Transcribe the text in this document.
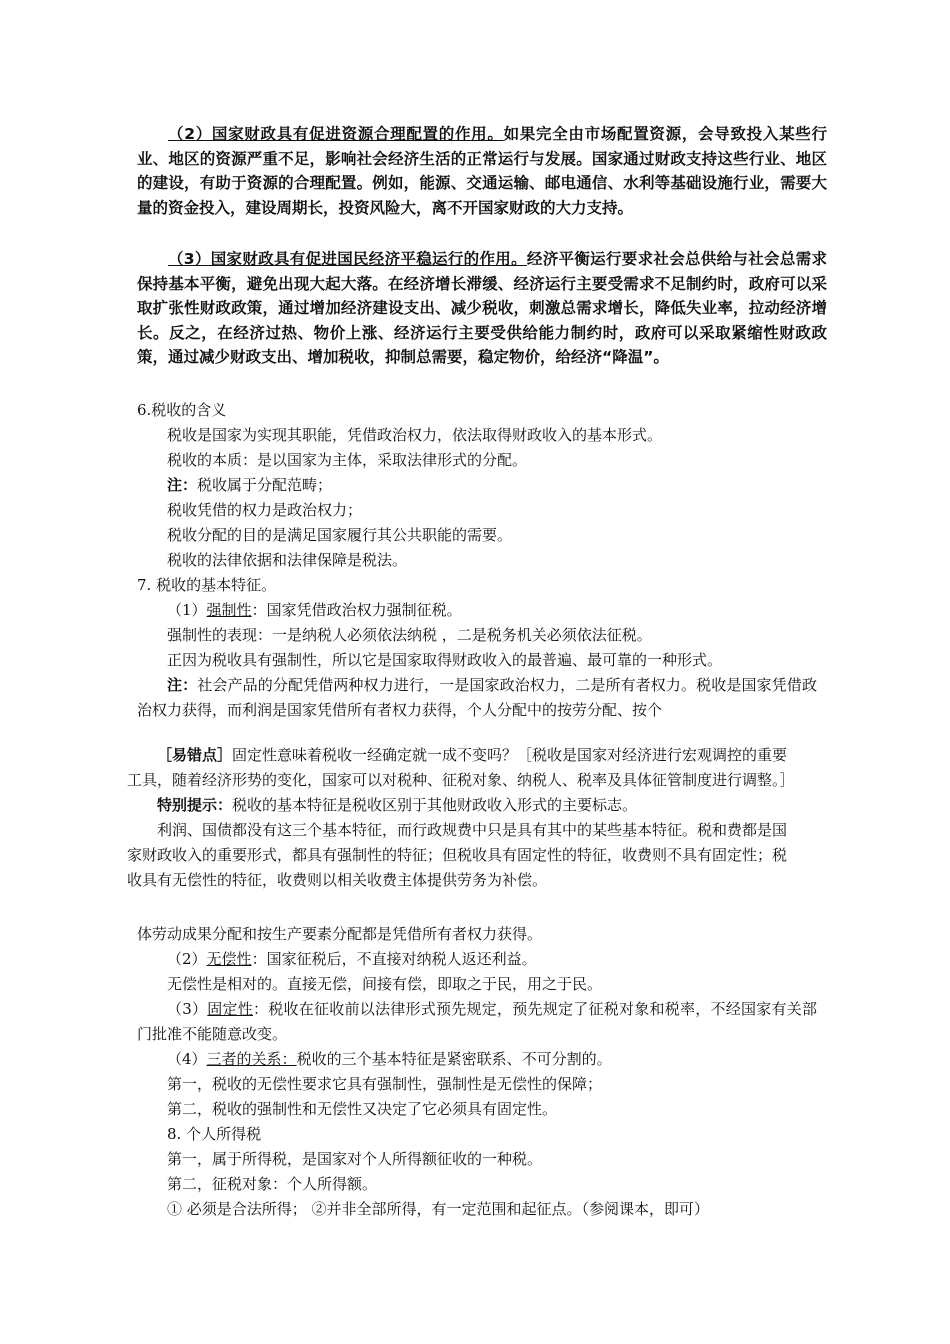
（2）国家财政具有促进资源合理配置的作用。如果完全由市场配置资源，会导致投入某些行业、地区的资源严重不足，影响社会经济生活的正常运行与发展。国家通过财政支持这些行业、地区的建设，有助于资源的合理配置。例如，能源、交通运输、邮电通信、水利等基础设施行业，需要大量的资金投入，建设周期长，投资风险大，离不开国家财政的大力支持。

（3）国家财政具有促进国民经济平稳运行的作用。经济平衡运行要求社会总供给与社会总需求保持基本平衡，避免出现大起大落。在经济增长滞缓、经济运行主要受需求不足制约时，政府可以采取扩张性财政政策，通过增加经济建设支出、减少税收，刺激总需求增长，降低失业率，拉动经济增长。反之，在经济过热、物价上涨、经济运行主要受供给能力制约时，政府可以采取紧缩性财政政策，通过减少财政支出、增加税收，抑制总需要，稳定物价，给经济“降温”。

6.税收的含义
税收是国家为实现其职能，凭借政治权力，依法取得财政收入的基本形式。
税收的本质：是以国家为主体，采取法律形式的分配。
注：税收属于分配范畴；
税收凭借的权力是政治权力；
税收分配的目的是满足国家履行其公共职能的需要。
税收的法律依据和法律保障是税法。
7. 税收的基本特征。
（1）强制性：国家凭借政治权力强制征税。
强制性的表现：一是纳税人必须依法纳税 ，二是税务机关必须依法征税。
正因为税收具有强制性，所以它是国家取得财政收入的最普遍、最可靠的一种形式。

注：社会产品的分配凭借两种权力进行，一是国家政治权力，二是所有者权力。税收是国家凭借政治权力获得，而利润是国家凭借所有者权力获得，个人分配中的按劳分配、按个

［易错点］固定性意味着税收一经确定就一成不变吗？［税收是国家对经济进行宏观调控的重要工具，随着经济形势的变化，国家可以对税种、征税对象、纳税人、税率及具体征管制度进行调整。］

特别提示：税收的基本特征是税收区别于其他财政收入形式的主要标志。

利润、国债都没有这三个基本特征，而行政规费中只是具有其中的某些基本特征。税和费都是国家财政收入的重要形式，都具有强制性的特征；但税收具有固定性的特征，收费则不具有固定性；税收具有无偿性的特征，收费则以相关收费主体提供劳务为补偿。

体劳动成果分配和按生产要素分配都是凭借所有者权力获得。
（2）无偿性：国家征税后，不直接对纳税人返还利益。
无偿性是相对的。直接无偿，间接有偿，即取之于民，用之于民。

（3）固定性：税收在征收前以法律形式预先规定，预先规定了征税对象和税率，不经国家有关部门批准不能随意改变。

（4）三者的关系：税收的三个基本特征是紧密联系、不可分割的。
第一，税收的无偿性要求它具有强制性，强制性是无偿性的保障；
第二，税收的强制性和无偿性又决定了它必须具有固定性。
8. 个人所得税
第一，属于所得税，是国家对个人所得额征收的一种税。
第二，征税对象：个人所得额。
① 必须是合法所得； ②并非全部所得，有一定范围和起征点。（参阅课本，即可）
